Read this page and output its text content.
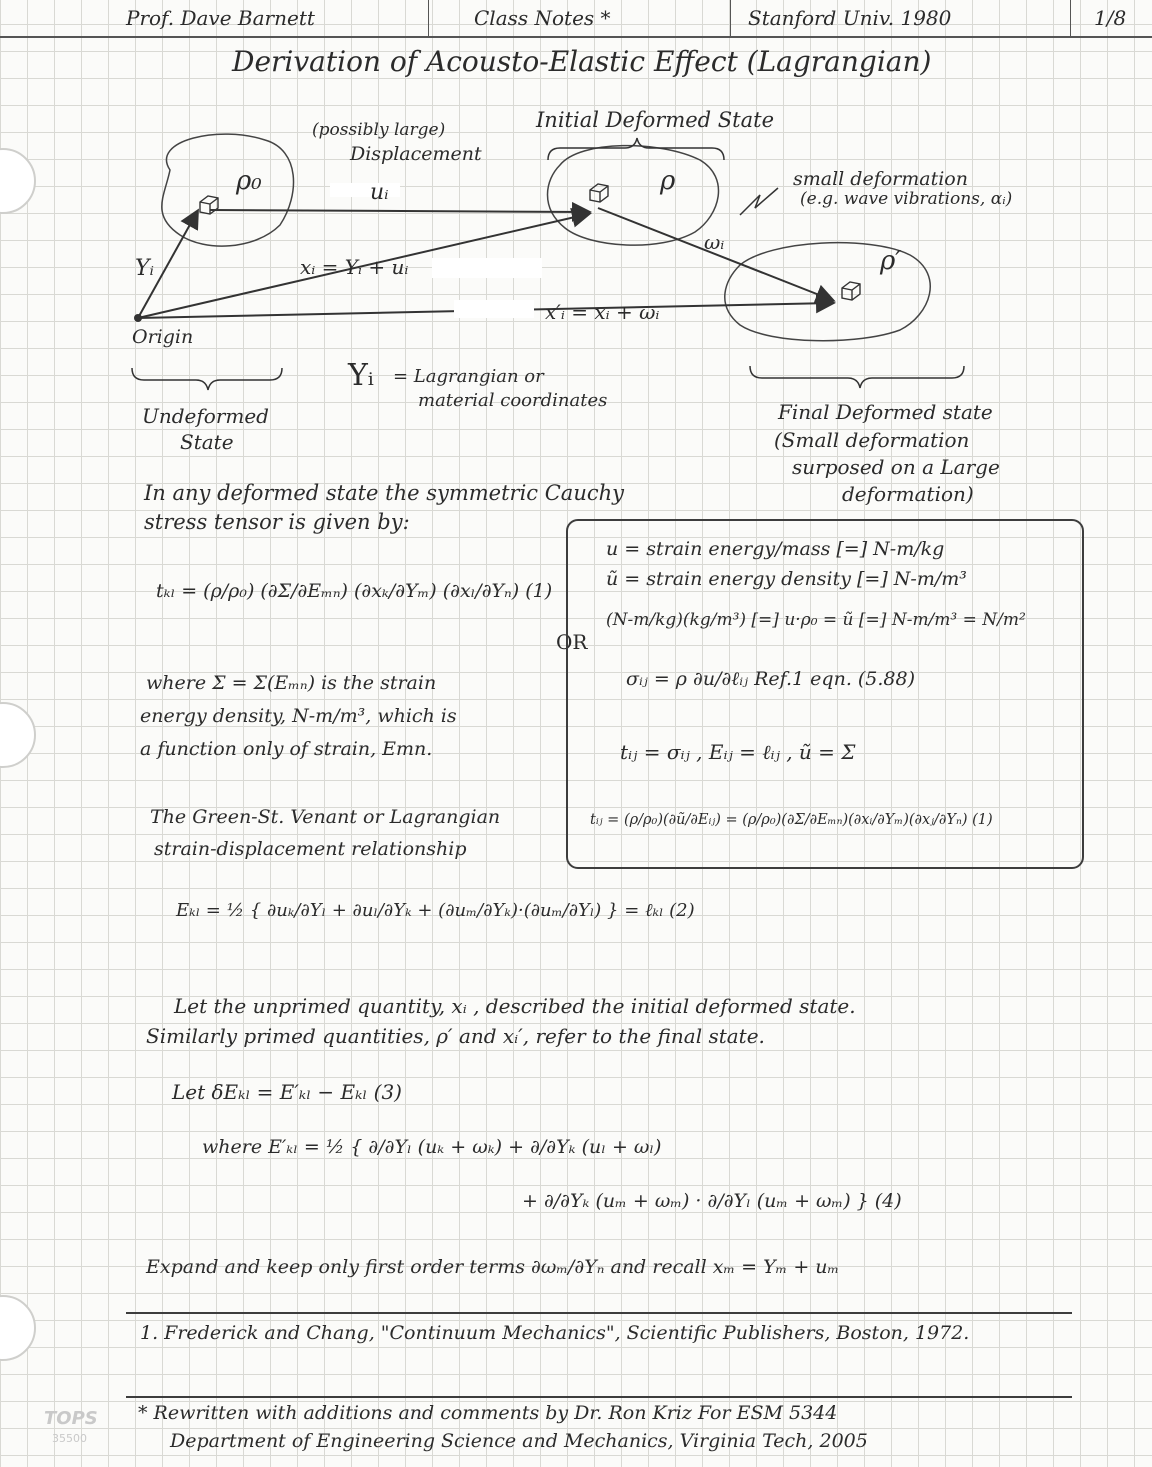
Prof. Dave Barnett	Class Notes *	Stanford Univ. 1980	1/8
Derivation of Acousto-Elastic Effect (Lagrangian)
(possibly large)
Displacement
uᵢ
ρ₀	ρ
ρ′
Initial Deformed State
small deformation
(e.g. wave vibrations, αᵢ)
ωᵢ
Yᵢ	xᵢ = Yᵢ + uᵢ
x′ᵢ = xᵢ + ωᵢ
Origin
Yᵢ = Lagrangian or
material coordinates
Undeformed
State
Final Deformed state
(Small deformation
surposed on a Large
deformation)
In any deformed state the symmetric Cauchy
stress tensor is given by:
tₖₗ = (ρ/ρ₀) (∂Σ/∂Eₘₙ) (∂xₖ/∂Yₘ) (∂xₗ/∂Yₙ) (1)
OR
where Σ = Σ(Eₘₙ) is the strain
energy density, N-m/m³, which is
a function only of strain, Emn.
The Green-St. Venant or Lagrangian
strain-displacement relationship
u = strain energy/mass [=] N-m/kg
ũ = strain energy density [=] N-m/m³
(N-m/kg)(kg/m³) [=] u·ρ₀ = ũ [=] N-m/m³ = N/m²
σᵢⱼ = ρ ∂u/∂ℓᵢⱼ Ref.1 eqn. (5.88)
tᵢⱼ = σᵢⱼ , Eᵢⱼ = ℓᵢⱼ , ũ = Σ
tᵢⱼ = (ρ/ρ₀)(∂ũ/∂Eᵢⱼ) = (ρ/ρ₀)(∂Σ/∂Eₘₙ)(∂xᵢ/∂Yₘ)(∂xⱼ/∂Yₙ) (1)
Eₖₗ = ½ { ∂uₖ/∂Yₗ + ∂uₗ/∂Yₖ + (∂uₘ/∂Yₖ)·(∂uₘ/∂Yₗ) } = ℓₖₗ (2)
Let the unprimed quantity, xᵢ , described the initial deformed state.
Similarly primed quantities, ρ′ and xᵢ′, refer to the final state.
Let δEₖₗ = E′ₖₗ − Eₖₗ (3)
where E′ₖₗ = ½ { ∂/∂Yₗ (uₖ + ωₖ) + ∂/∂Yₖ (uₗ + ωₗ)
+ ∂/∂Yₖ (uₘ + ωₘ) · ∂/∂Yₗ (uₘ + ωₘ) } (4)
Expand and keep only first order terms ∂ωₘ/∂Yₙ and recall xₘ = Yₘ + uₘ
1. Frederick and Chang, "Continuum Mechanics", Scientific Publishers, Boston, 1972.
* Rewritten with additions and comments by Dr. Ron Kriz For ESM 5344
Department of Engineering Science and Mechanics, Virginia Tech, 2005
TOPS
35500
